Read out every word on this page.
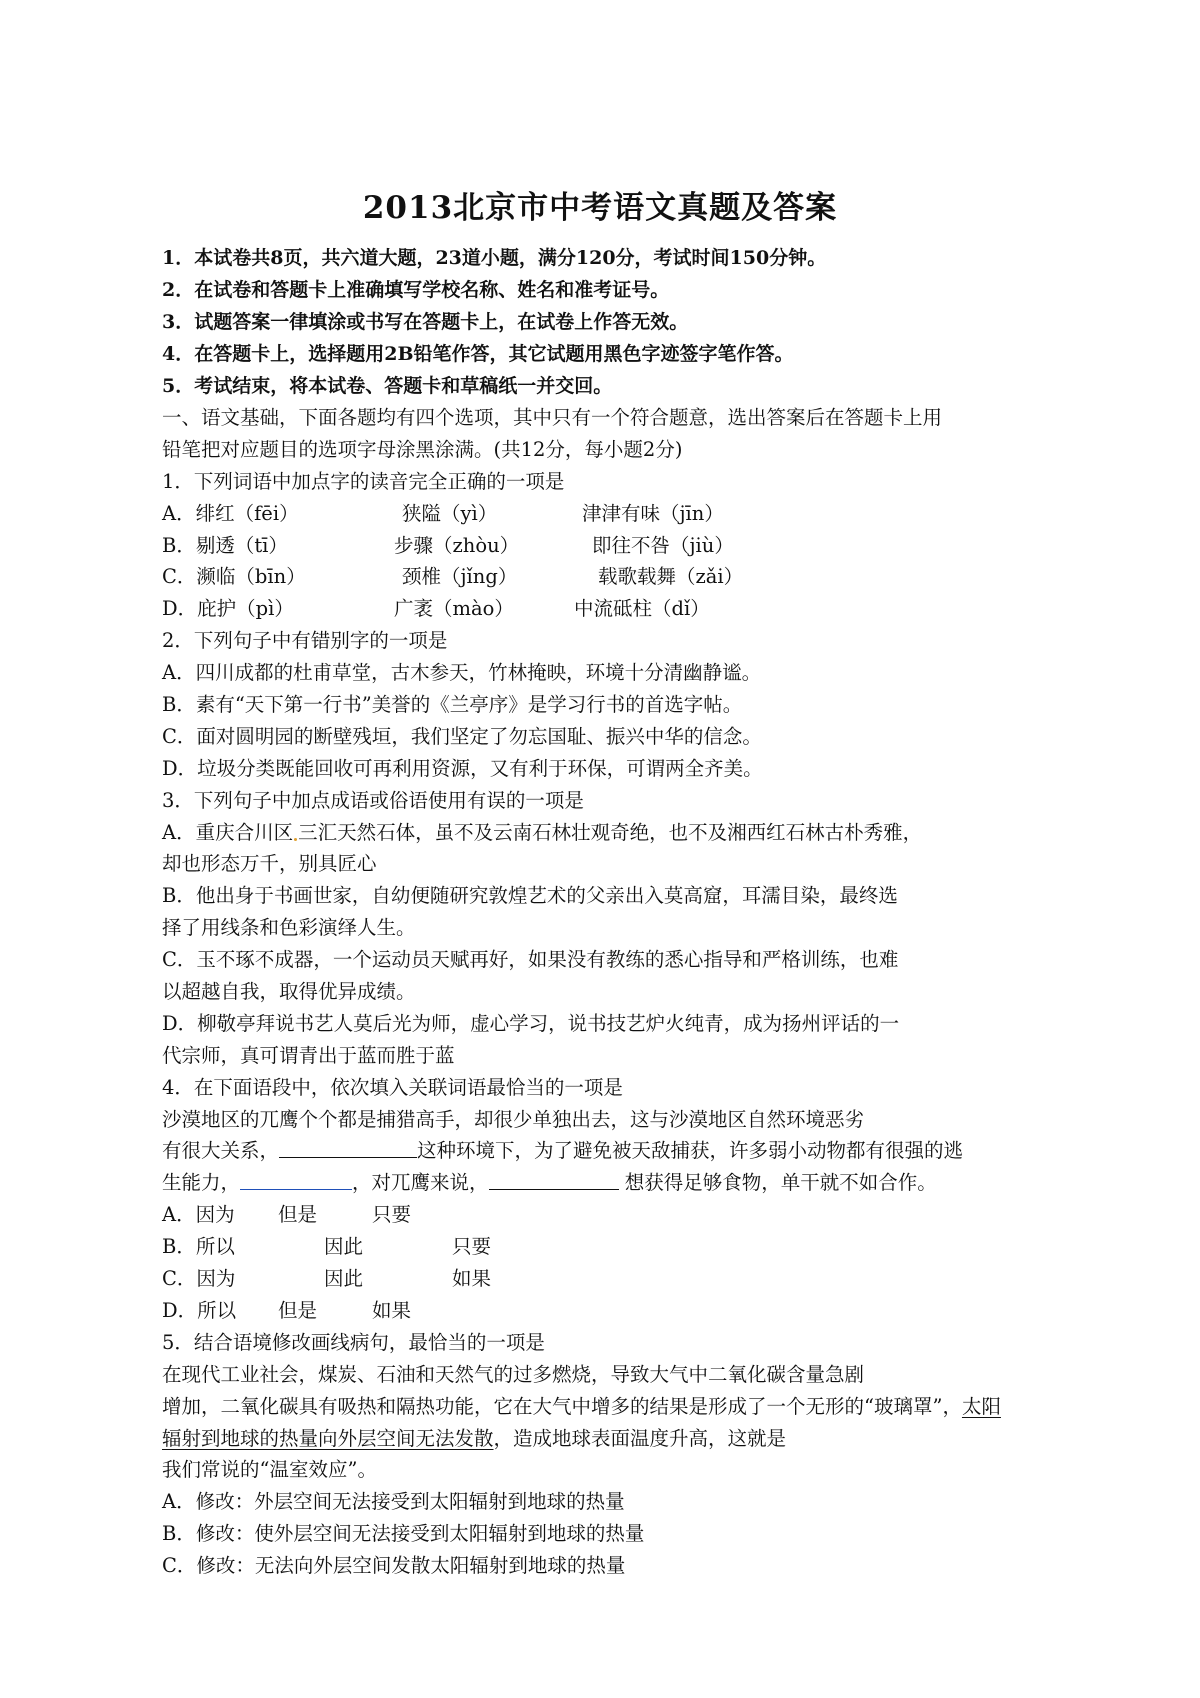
2013北京市中考语文真题及答案
1．本试卷共8页，共六道大题，23道小题，满分120分，考试时间150分钟。
2．在试卷和答题卡上准确填写学校名称、姓名和准考证号。
3．试题答案一律填涂或书写在答题卡上，在试卷上作答无效。
4．在答题卡上，选择题用2B铅笔作答，其它试题用黑色字迹签字笔作答。
5．考试结束，将本试卷、答题卡和草稿纸一并交回。
一、语文基础，下面各题均有四个选项，其中只有一个符合题意，选出答案后在答题卡上用
铅笔把对应题目的选项字母涂黑涂满。(共12分，每小题2分)
1．下列词语中加点字的读音完全正确的一项是
A．绯红（fēi）	狭隘（yì）	津津有味（jīn）
B．剔透（tī）	步骤（zhòu）	即往不咎（jiù）
C．濒临（bīn）	颈椎（jǐng）	载歌载舞（zǎi）
D．庇护（pì）	广袤（mào）	中流砥柱（dǐ）
2．下列句子中有错别字的一项是
A．四川成都的杜甫草堂，古木参天，竹林掩映，环境十分清幽静谧。
B．素有“天下第一行书”美誉的《兰亭序》是学习行书的首选字帖。
C．面对圆明园的断壁残垣，我们坚定了勿忘国耻、振兴中华的信念。
D．垃圾分类既能回收可再利用资源，又有利于环保，可谓两全齐美。
3．下列句子中加点成语或俗语使用有误的一项是
A．重庆合川区 三汇天然石体，虽不及云南石林壮观奇绝，也不及湘西红石林古朴秀雅，
却也形态万千，别具匠心
B．他出身于书画世家，自幼便随研究敦煌艺术的父亲出入莫高窟，耳濡目染，最终选
择了用线条和色彩演绎人生。
C．玉不琢不成器，一个运动员天赋再好，如果没有教练的悉心指导和严格训练，也难
以超越自我，取得优异成绩。
D．柳敬亭拜说书艺人莫后光为师，虚心学习，说书技艺炉火纯青，成为扬州评话的一
代宗师，真可谓青出于蓝而胜于蓝
4．在下面语段中，依次填入关联词语最恰当的一项是
沙漠地区的兀鹰个个都是捕猎高手，却很少单独出去，这与沙漠地区自然环境恶劣
有很大关系，	这种环境下，为了避免被天敌捕获，许多弱小动物都有很强的逃
生能力，	，对兀鹰来说，	想获得足够食物，单干就不如合作。
A．因为 但是	只要
B．所以	因此	只要
C．因为	因此	如果
D．所以 但是	如果
5．结合语境修改画线病句，最恰当的一项是
在现代工业社会，煤炭、石油和天然气的过多燃烧，导致大气中二氧化碳含量急剧
增加，二氧化碳具有吸热和隔热功能，它在大气中增多的结果是形成了一个无形的“玻璃罩”，太阳
辐射到地球的热量向外层空间无法发散，造成地球表面温度升高，这就是
我们常说的“温室效应”。
A．修改：外层空间无法接受到太阳辐射到地球的热量
B．修改：使外层空间无法接受到太阳辐射到地球的热量
C．修改：无法向外层空间发散太阳辐射到地球的热量
